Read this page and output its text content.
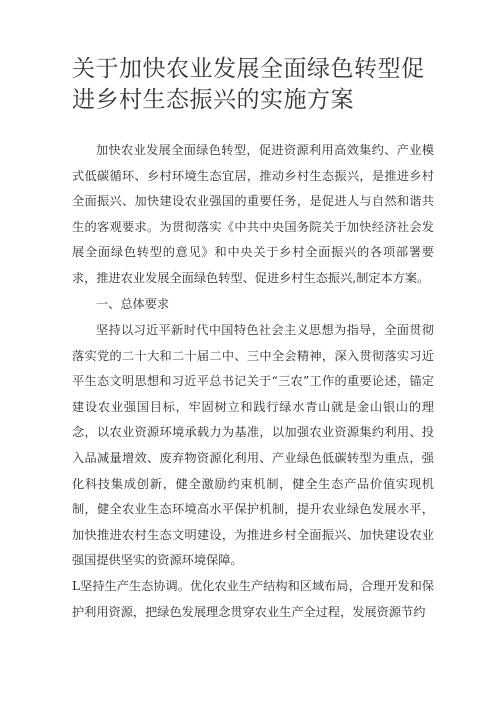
关于加快农业发展全面绿色转型促进乡村生态振兴的实施方案

加快农业发展全面绿色转型，促进资源利用高效集约、产业模式低碳循环、乡村环境生态宜居，推动乡村生态振兴，是推进乡村全面振兴、加快建设农业强国的重要任务，是促进人与自然和谐共生的客观要求。为贯彻落实《中共中央国务院关于加快经济社会发展全面绿色转型的意见》和中央关于乡村全面振兴的各项部署要求，推进农业发展全面绿色转型、促进乡村生态振兴,制定本方案。

一、总体要求

坚持以习近平新时代中国特色社会主义思想为指导，全面贯彻落实党的二十大和二十届二中、三中全会精神，深入贯彻落实习近平生态文明思想和习近平总书记关于“三农”工作的重要论述，锚定建设农业强国目标，牢固树立和践行绿水青山就是金山银山的理念，以农业资源环境承载力为基准，以加强农业资源集约利用、投入品减量增效、废弃物资源化利用、产业绿色低碳转型为重点，强化科技集成创新，健全激励约束机制，健全生态产品价值实现机制，健全农业生态环境高水平保护机制，提升农业绿色发展水平，加快推进农村生态文明建设，为推进乡村全面振兴、加快建设农业强国提供坚实的资源环境保障。

L坚持生产生态协调。优化农业生产结构和区域布局，合理开发和保护利用资源，把绿色发展理念贯穿农业生产全过程，发展资源节约
